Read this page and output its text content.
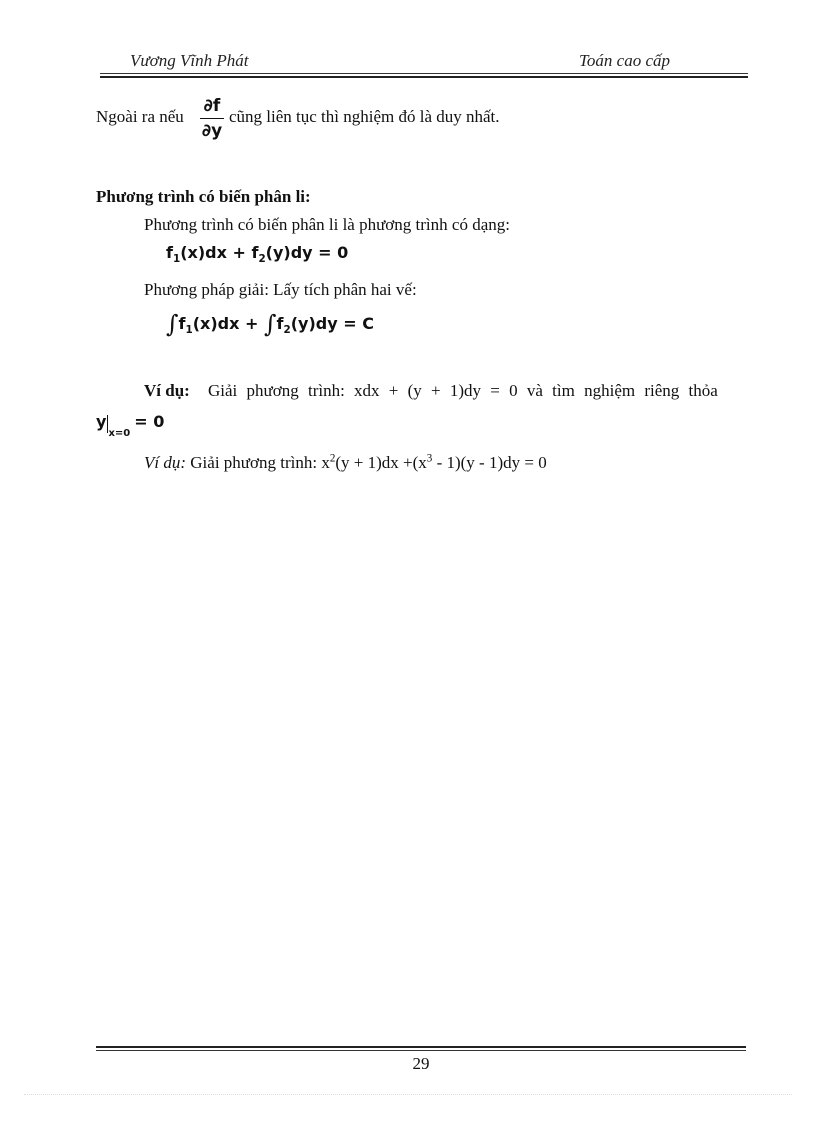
Vương Vĩnh Phát	Toán cao cấp
Ngoài ra nếu
∂f
∂y
cũng liên tục thì nghiệm đó là duy nhất.
Phương trình có biến phân li:
Phương trình có biến phân li là phương trình có dạng:
$f_1(x)dx + f_2(y)dy = 0$
Phương pháp giải: Lấy tích phân hai vế:
$\int f_1(x)dx + \int f_2(y)dy = C$
Ví dụ: Giải phương trình: xdx + (y + 1)dy = 0 và tìm nghiệm riêng thỏa
$y_{x=0}= 0$
Ví dụ: Giải phương trình: $x^2(y + 1)dx +(x^3 - 1)(y - 1)dy = 0$
29
